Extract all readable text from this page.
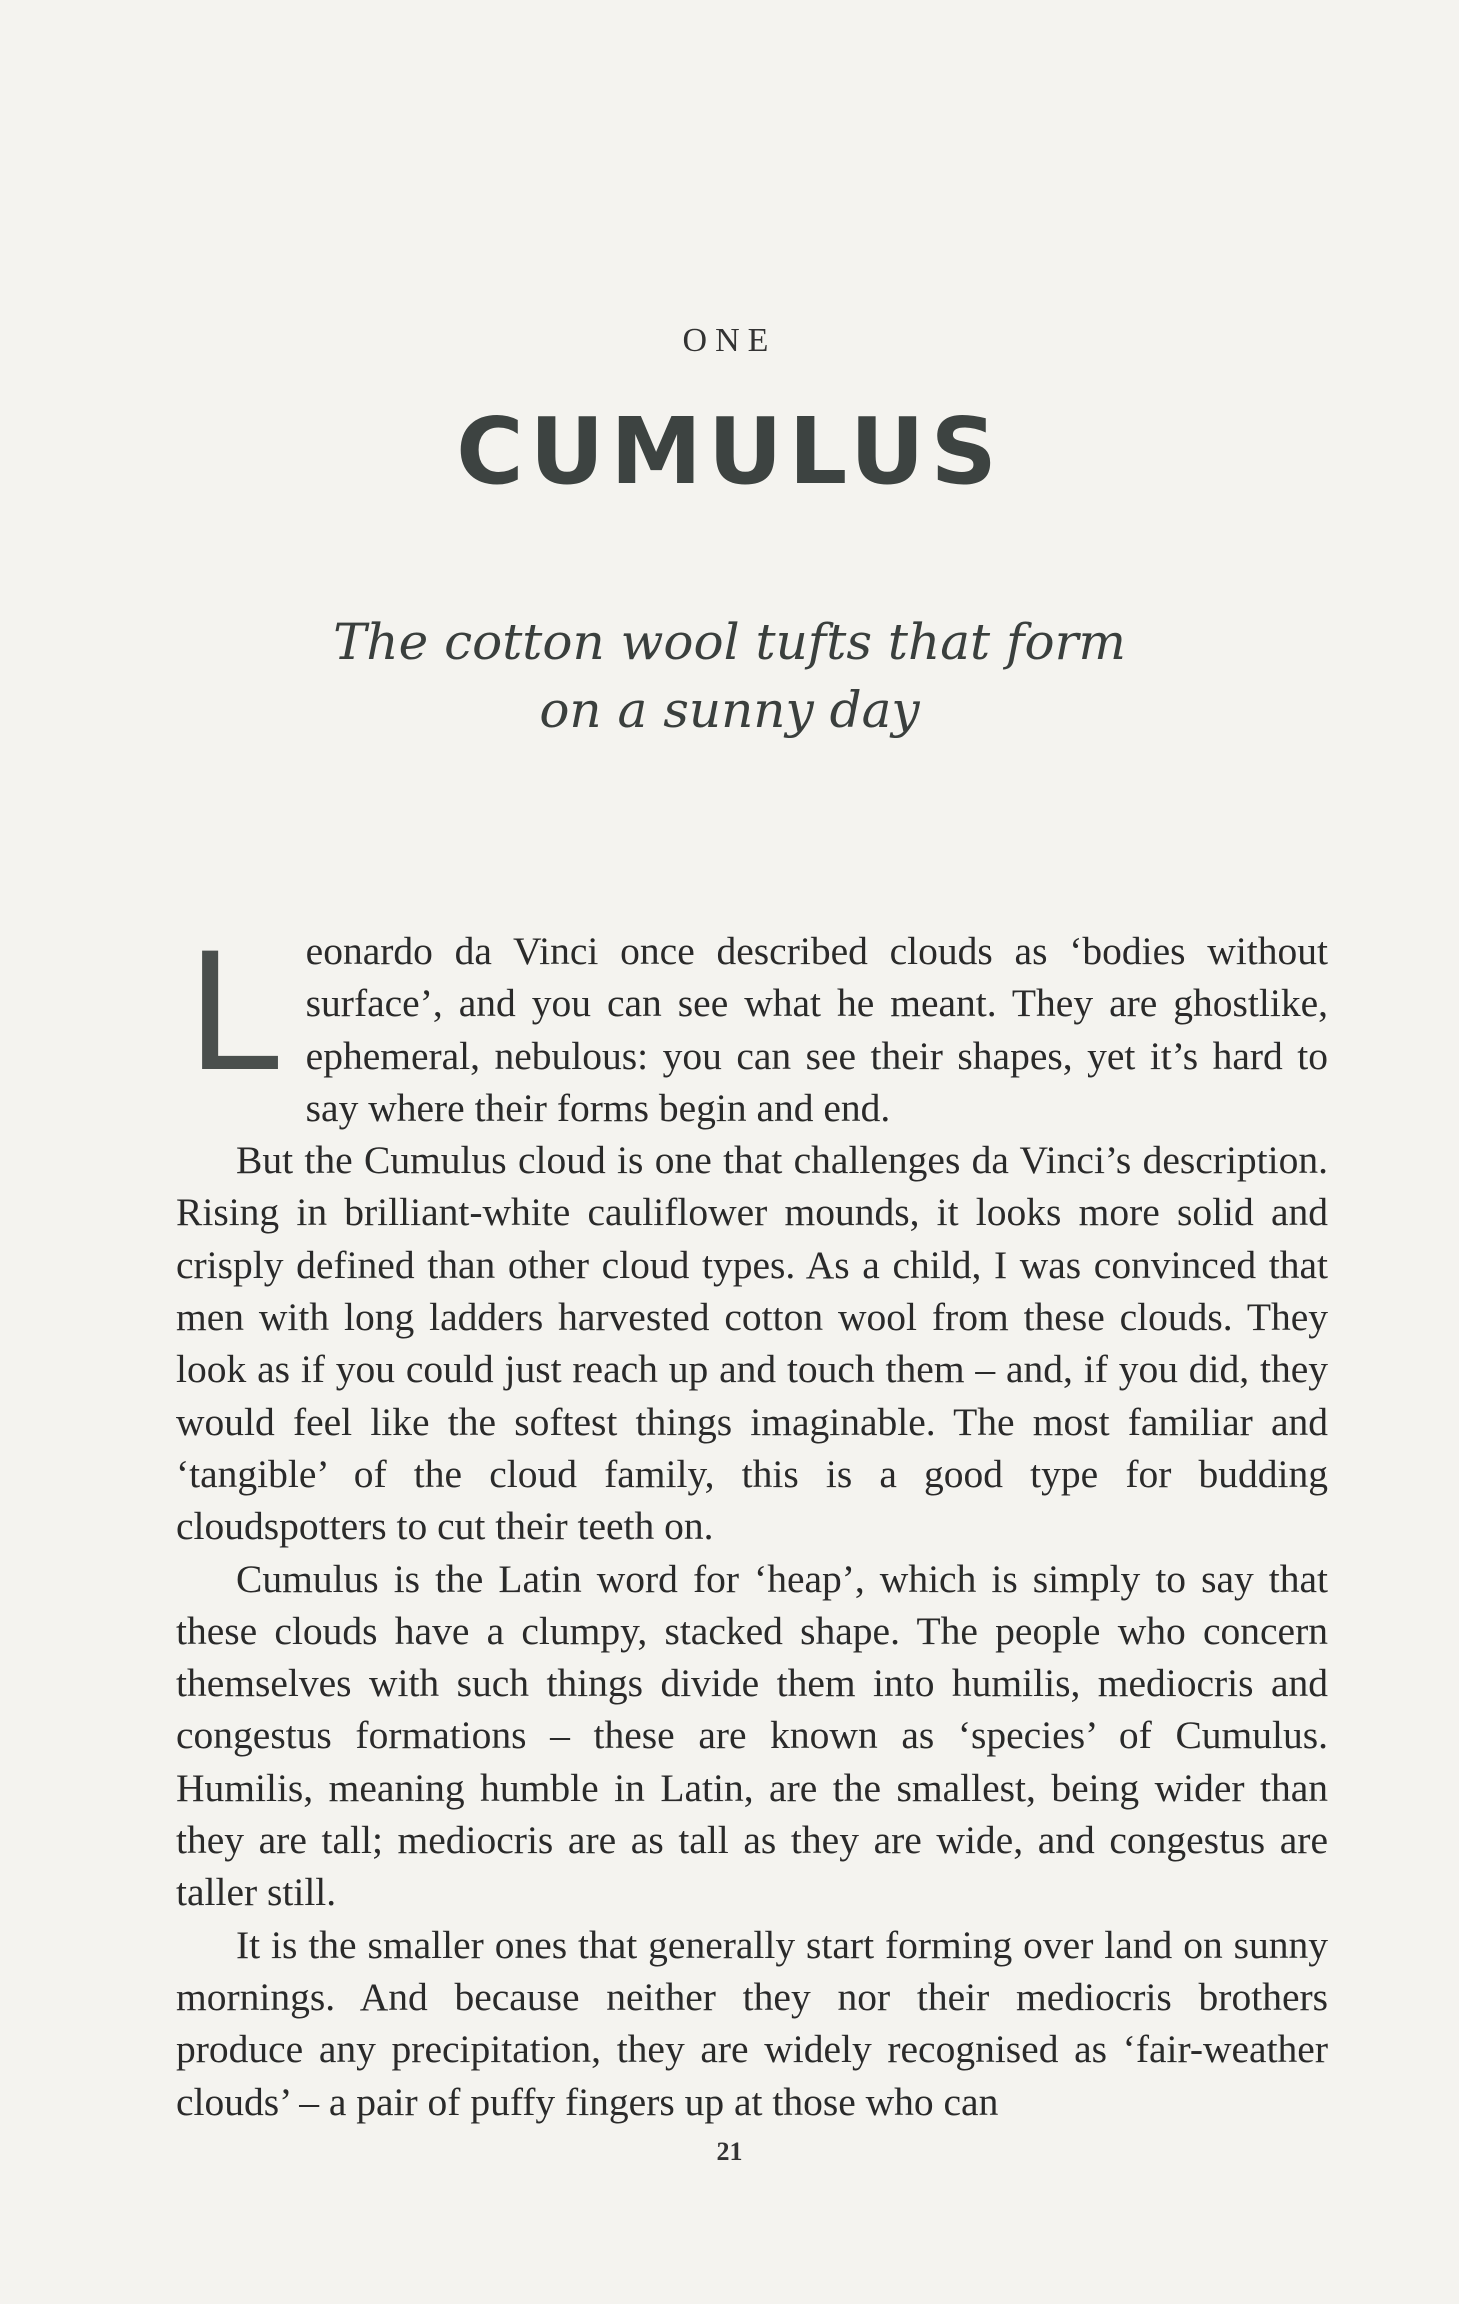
ONE
CUMULUS
The cotton wool tufts that form
on a sunny day

Leonardo da Vinci once described clouds as ‘bodies without surface’, and you can see what he meant. They are ghostlike, ephemeral, nebulous: you can see their shapes, yet it’s hard to say where their forms begin and end.

But the Cumulus cloud is one that challenges da Vinci’s description. Rising in brilliant-white cauliflower mounds, it looks more solid and crisply defined than other cloud types. As a child, I was convinced that men with long ladders harvested cotton wool from these clouds. They look as if you could just reach up and touch them – and, if you did, they would feel like the softest things imaginable. The most familiar and ‘tangible’ of the cloud family, this is a good type for budding cloudspotters to cut their teeth on.

Cumulus is the Latin word for ‘heap’, which is simply to say that these clouds have a clumpy, stacked shape. The people who concern themselves with such things divide them into humilis, mediocris and congestus formations – these are known as ‘species’ of Cumulus. Humilis, meaning humble in Latin, are the smallest, being wider than they are tall; mediocris are as tall as they are wide, and congestus are taller still.

It is the smaller ones that generally start forming over land on sunny mornings. And because neither they nor their mediocris brothers produce any precipitation, they are widely recognised as ‘fair-weather clouds’ – a pair of puffy fingers up at those who can

21
